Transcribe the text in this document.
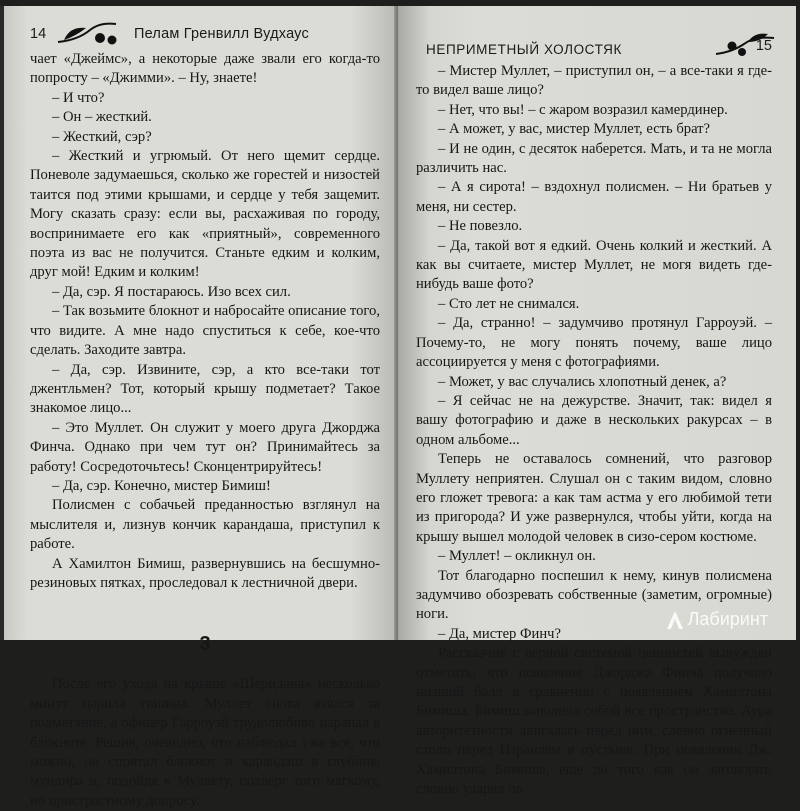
14	Пелам Гренвилл Вудхаус

чает «Джеймс», а некоторые даже звали его когда-то попросту – «Джимми». – Ну, знаете!

– И что?

– Он – жесткий.

– Жесткий, сэр?

– Жесткий и угрюмый. От него щемит сердце. Поневоле задумаешься, сколько же горестей и низостей таится под этими крышами, и сердце у тебя защемит. Могу сказать сразу: если вы, расхаживая по городу, воспринимаете его как «приятный», современного поэта из вас не получится. Станьте едким и колким, друг мой! Едким и колким!

– Да, сэр. Я постараюсь. Изо всех сил.

– Так возьмите блокнот и набросайте описание того, что видите. А мне надо спуститься к себе, кое-что сделать. Заходите завтра.

– Да, сэр. Извините, сэр, а кто все-таки тот джентльмен? Тот, который крышу подметает? Такое знакомое лицо...

– Это Муллет. Он служит у моего друга Джорджа Финча. Однако при чем тут он? Принимайтесь за работу! Сосредоточьтесь! Сконцентрируйтесь!

– Да, сэр. Конечно, мистер Бимиш!

Полисмен с собачьей преданностью взглянул на мыслителя и, лизнув кончик карандаша, приступил к работе.

А Хамилтон Бимиш, развернувшись на бесшумно-резиновых пятках, проследовал к лестничной двери.

3

После его ухода на крыше «Шеридана» несколько минут царила тишина. Муллет снова взялся за подметание, а офицер Гарроуэй трудолюбиво царапал в блокноте. Решив, очевидно, что наблюдал уже все, что можно, он спрятал блокнот и карандаш в глубины мундира и, подойдя к Муллету, подверг того мягкому, но пристрастному допросу.

НЕПРИМЕТНЫЙ ХОЛОСТЯК	15

– Мистер Муллет, – приступил он, – а все-таки я где-то видел ваше лицо?

– Нет, что вы! – с жаром возразил камердинер.

– А может, у вас, мистер Муллет, есть брат?

– И не один, с десяток наберется. Мать, и та не могла различить нас.

– А я сирота! – вздохнул полисмен. – Ни братьев у меня, ни сестер.

– Не повезло.

– Да, такой вот я едкий. Очень колкий и жесткий. А как вы считаете, мистер Муллет, не могя видеть где-нибудь ваше фото?

– Сто лет не снимался.

– Да, странно! – задумчиво протянул Гарроуэй. – Почему-то, не могу понять почему, ваше лицо ассоциируется у меня с фотографиями.

– Может, у вас случались хлопотный денек, а?

– Я сейчас не на дежурстве. Значит, так: видел я вашу фотографию и даже в нескольких ракурсах – в одном альбоме...

Теперь не оставалось сомнений, что разговор Муллету неприятен. Слушал он с таким видом, словно его гложет тревога: а как там астма у его любимой тети из пригорода? И уже развернулся, чтобы уйти, когда на крышу вышел молодой человек в сизо-сером костюме.

– Муллет! – окликнул он.

Тот благодарно поспешил к нему, кинув полисмена задумчиво обозревать собственные (заметим, огромные) ноги.

– Да, мистер Финч?

Рассказчик с верной системой ценностей вынужден отметить, что появление Джорджа Финча получало низший балл в сравнении с появлением Хамилтона Бимиша. Бимиш заполнял собой все пространство. Аура авторитетности двигалась перед ним, словно огненный столп перед Израилем в пустыне. При появлении Дж. Хамилтона Бимиша, еще до того как он заговорит, словно ударял по

Лабиринт
